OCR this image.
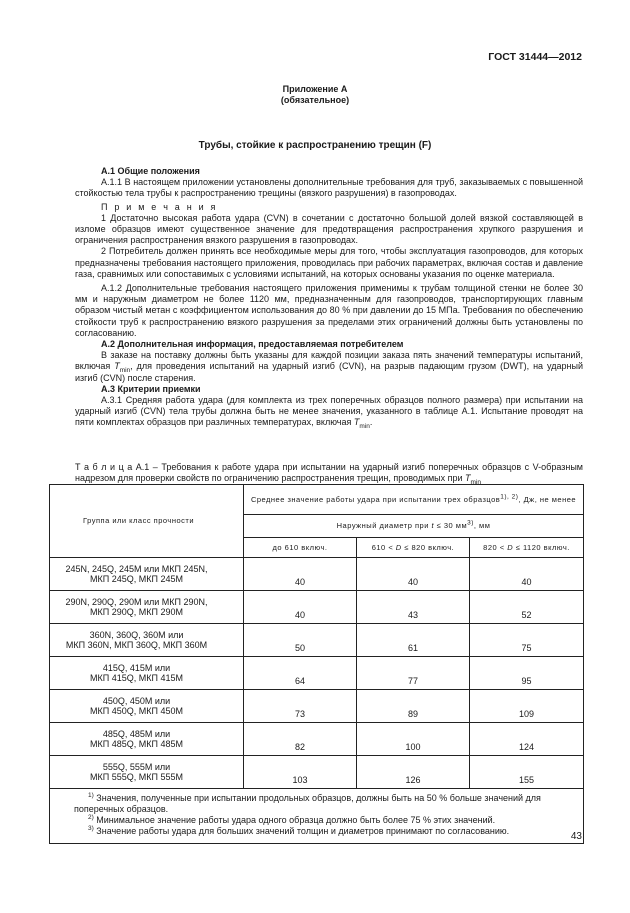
ГОСТ 31444—2012
Приложение А
(обязательное)
Трубы, стойкие к распространению трещин (F)

А.1 Общие положения

А.1.1 В настоящем приложении установлены дополнительные требования для труб, заказываемых с повышенной стойкостью тела трубы к распространению трещины (вязкого разрушения) в газопроводах.

П р и м е ч а н и я

1 Достаточно высокая работа удара (CVN) в сочетании с достаточно большой долей вязкой составляющей в изломе образцов имеют существенное значение для предотвращения распространения хрупкого разрушения и ограничения распространения вязкого разрушения в газопроводах.

2 Потребитель должен принять все необходимые меры для того, чтобы эксплуатация газопроводов, для которых предназначены требования настоящего приложения, проводилась при рабочих параметрах, включая состав и давление газа, сравнимых или сопоставимых с условиями испытаний, на которых основаны указания по оценке материала.

А.1.2 Дополнительные требования настоящего приложения применимы к трубам толщиной стенки не более 30 мм и наружным диаметром не более 1120 мм, предназначенным для газопроводов, транспортирующих главным образом чистый метан с коэффициентом использования до 80 % при давлении до 15 МПа. Требования по обеспечению стойкости труб к распространению вязкого разрушения за пределами этих ограничений должны быть установлены по согласованию.

А.2 Дополнительная информация, предоставляемая потребителем

В заказе на поставку должны быть указаны для каждой позиции заказа пять значений температуры испытаний, включая $T_{min}$, для проведения испытаний на ударный изгиб (CVN), на разрыв падающим грузом (DWT), на ударный изгиб (CVN) после старения.

А.3 Критерии приемки

А.3.1 Средняя работа удара (для комплекта из трех поперечных образцов полного размера) при испытании на ударный изгиб (CVN) тела трубы должна быть не менее значения, указанного в таблице А.1. Испытание проводят на пяти комплектах образцов при различных температурах, включая $T_{min}$.

Т а б л и ц а А.1 – Требования к работе удара при испытании на ударный изгиб поперечных образцов с V-образным надрезом для проверки свойств по ограничению распространения трещин, проводимых при $T_{min}$
Группа или класс прочности	Среднее значение работы удара при испытании трех образцов$^{1), 2)}$, Дж, не менее		
	Наружный диаметр при t ≤ 30 $мм^{3)}$, мм		
	до 610 включ.	610 < D ≤ 820 включ.	820 < D ≤ 1120 включ.
245N, 245Q, 245M или МКП 245N,
МКП 245Q, МКП 245M	40	40	40
290N, 290Q, 290M или МКП 290N,
МКП 290Q, МКП 290M	40	43	52
360N, 360Q, 360M или
МКП 360N, МКП 360Q, МКП 360M	50	61	75
415Q, 415M или
МКП 415Q, МКП 415M	64	77	95
450Q, 450M или
МКП 450Q, МКП 450M	73	89	109
485Q, 485M или
МКП 485Q, МКП 485M	82	100	124
555Q, 555M или
МКП 555Q, МКП 555M	103	126	155

$^{1)}$ Значения, полученные при испытании продольных образцов, должны быть на 50 % больше значений для поперечных образцов.

$^{2)}$ Минимальное значение работы удара одного образца должно быть более 75 % этих значений.

$^{3)}$ Значение работы удара для больших значений толщин и диаметров принимают по согласованию.				43
